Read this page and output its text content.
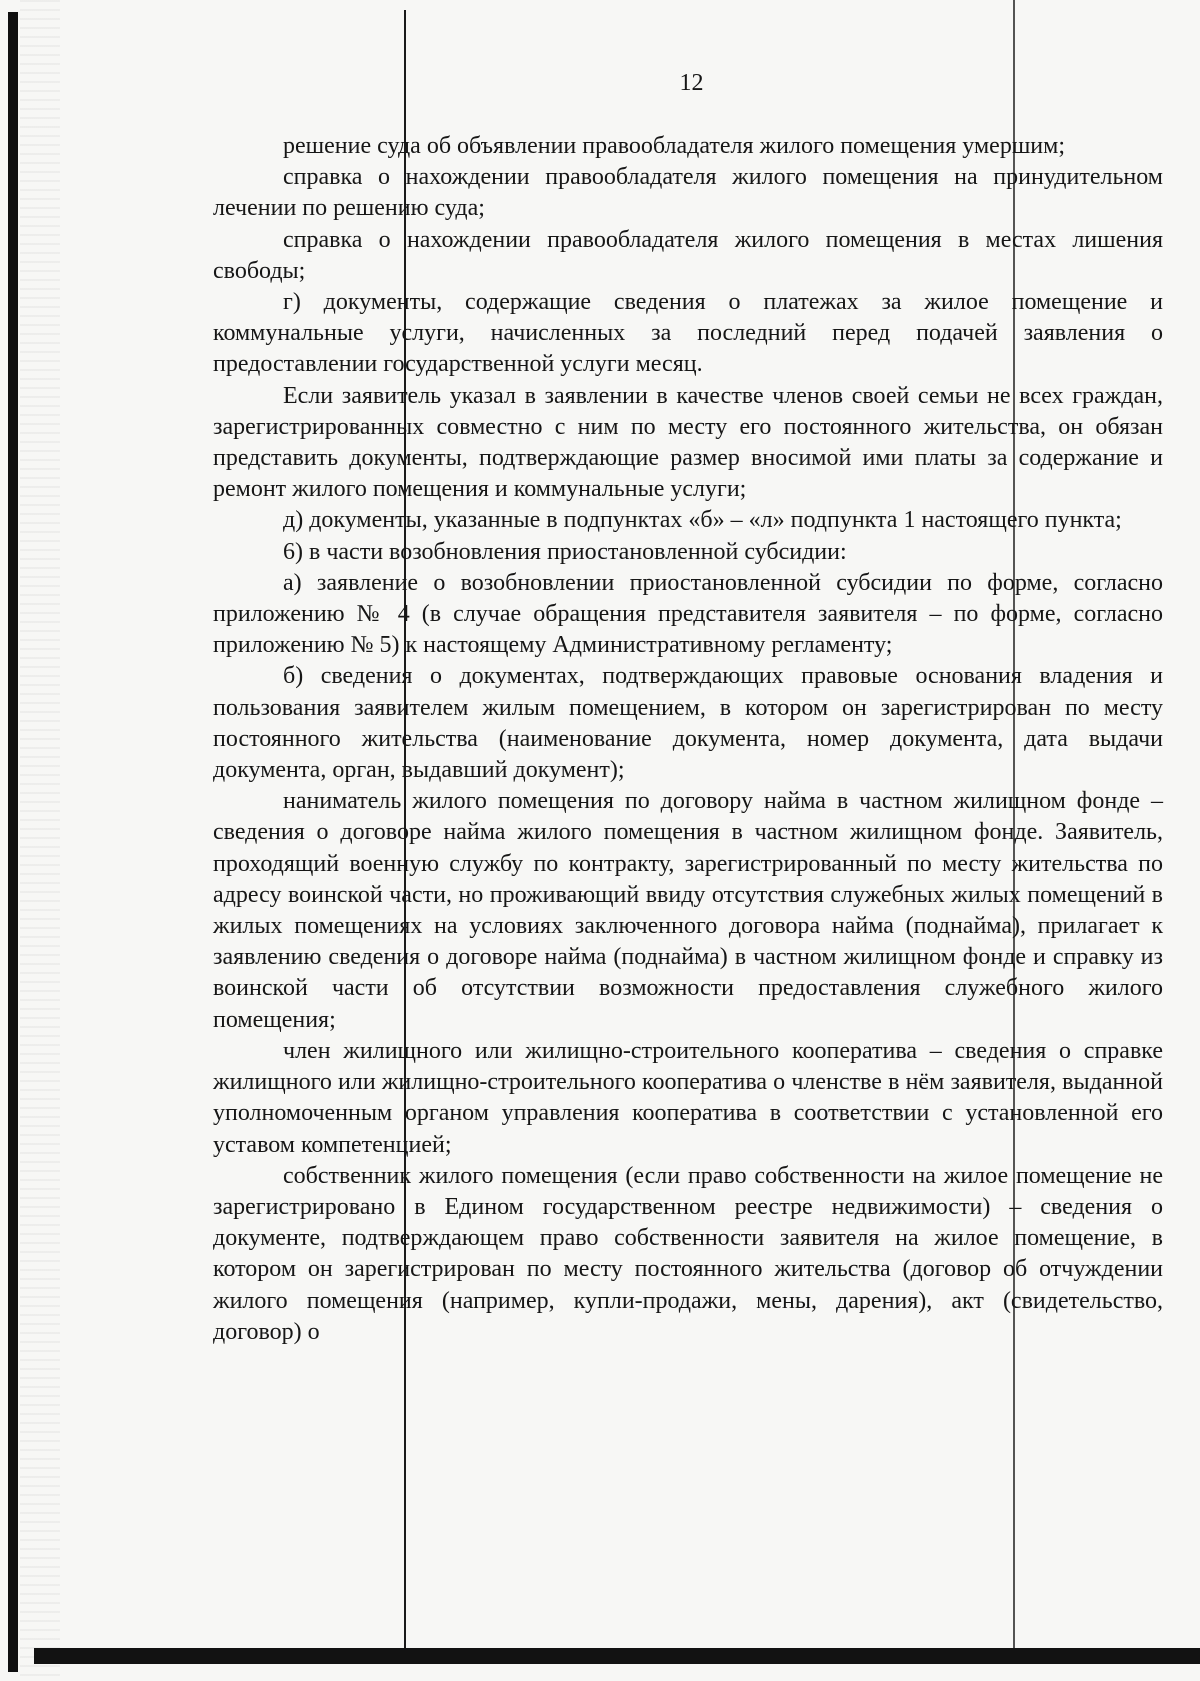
12

решение суда об объявлении правообладателя жилого помещения умершим;

справка о нахождении правообладателя жилого помещения на принудительном лечении по решению суда;

справка о нахождении правообладателя жилого помещения в местах лишения свободы;

г) документы, содержащие сведения о платежах за жилое помещение и коммунальные услуги, начисленных за последний перед подачей заявления о предоставлении государственной услуги месяц.

Если заявитель указал в заявлении в качестве членов своей семьи не всех граждан, зарегистрированных совместно с ним по месту его постоянного жительства, он обязан представить документы, подтверждающие размер вносимой ими платы за содержание и ремонт жилого помещения и коммунальные услуги;

д) документы, указанные в подпунктах «б» – «л» подпункта 1 настоящего пункта;

6) в части возобновления приостановленной субсидии:

а) заявление о возобновлении приостановленной субсидии по форме, согласно приложению № 4 (в случае обращения представителя заявителя – по форме, согласно приложению № 5) к настоящему Административному регламенту;

б) сведения о документах, подтверждающих правовые основания владения и пользования заявителем жилым помещением, в котором он зарегистрирован по месту постоянного жительства (наименование документа, номер документа, дата выдачи документа, орган, выдавший документ);

наниматель жилого помещения по договору найма в частном жилищном фонде – сведения о договоре найма жилого помещения в частном жилищном фонде. Заявитель, проходящий военную службу по контракту, зарегистрированный по месту жительства по адресу воинской части, но проживающий ввиду отсутствия служебных жилых помещений в жилых помещениях на условиях заключенного договора найма (поднайма), прилагает к заявлению сведения о договоре найма (поднайма) в частном жилищном фонде и справку из воинской части об отсутствии возможности предоставления служебного жилого помещения;

член жилищного или жилищно-строительного кооператива – сведения о справке жилищного или жилищно-строительного кооператива о членстве в нём заявителя, выданной уполномоченным органом управления кооператива в соответствии с установленной его уставом компетенцией;

собственник жилого помещения (если право собственности на жилое помещение не зарегистрировано в Едином государственном реестре недвижимости) – сведения о документе, подтверждающем право собственности заявителя на жилое помещение, в котором он зарегистрирован по месту постоянного жительства (договор об отчуждении жилого помещения (например, купли-продажи, мены, дарения), акт (свидетельство, договор) о
